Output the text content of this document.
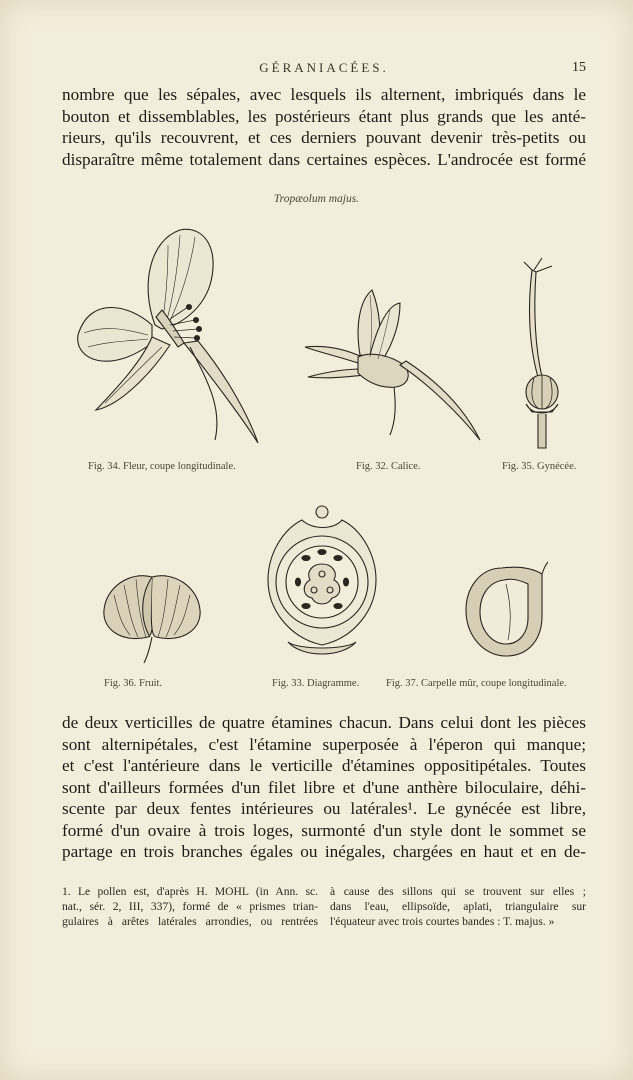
GÉRANIACÉES.	15
nombre que les sépales, avec lesquels ils alternent, imbriqués dans le
bouton et dissemblables, les postérieurs étant plus grands que les anté-
rieurs, qu'ils recouvrent, et ces derniers pouvant devenir très-petits ou
disparaître même totalement dans certaines espèces. L'androcée est formé
Tropæolum majus.
Fig. 34. Fleur, coupe longitudinale.	Fig. 32. Calice.	Fig. 35. Gynécée.
Fig. 36. Fruit.	Fig. 33. Diagramme.	Fig. 37. Carpelle mûr, coupe longitudinale.
de deux verticilles de quatre étamines chacun. Dans celui dont les pièces
sont alternipétales, c'est l'étamine superposée à l'éperon qui manque;
et c'est l'antérieure dans le verticille d'étamines oppositipétales. Toutes
sont d'ailleurs formées d'un filet libre et d'une anthère biloculaire, déhi-
scente par deux fentes intérieures ou latérales¹. Le gynécée est libre,
formé d'un ovaire à trois loges, surmonté d'un style dont le sommet se
partage en trois branches égales ou inégales, chargées en haut et en de-
1. Le pollen est, d'après H. MOHL (in Ann. sc.
nat., sér. 2, III, 337), formé de « prismes trian-
gulaires à arêtes latérales arrondies, ou rentrées
à cause des sillons qui se trouvent sur elles ;
dans l'eau, ellipsoïde, aplati, triangulaire sur
l'équateur avec trois courtes bandes : T. majus. »
